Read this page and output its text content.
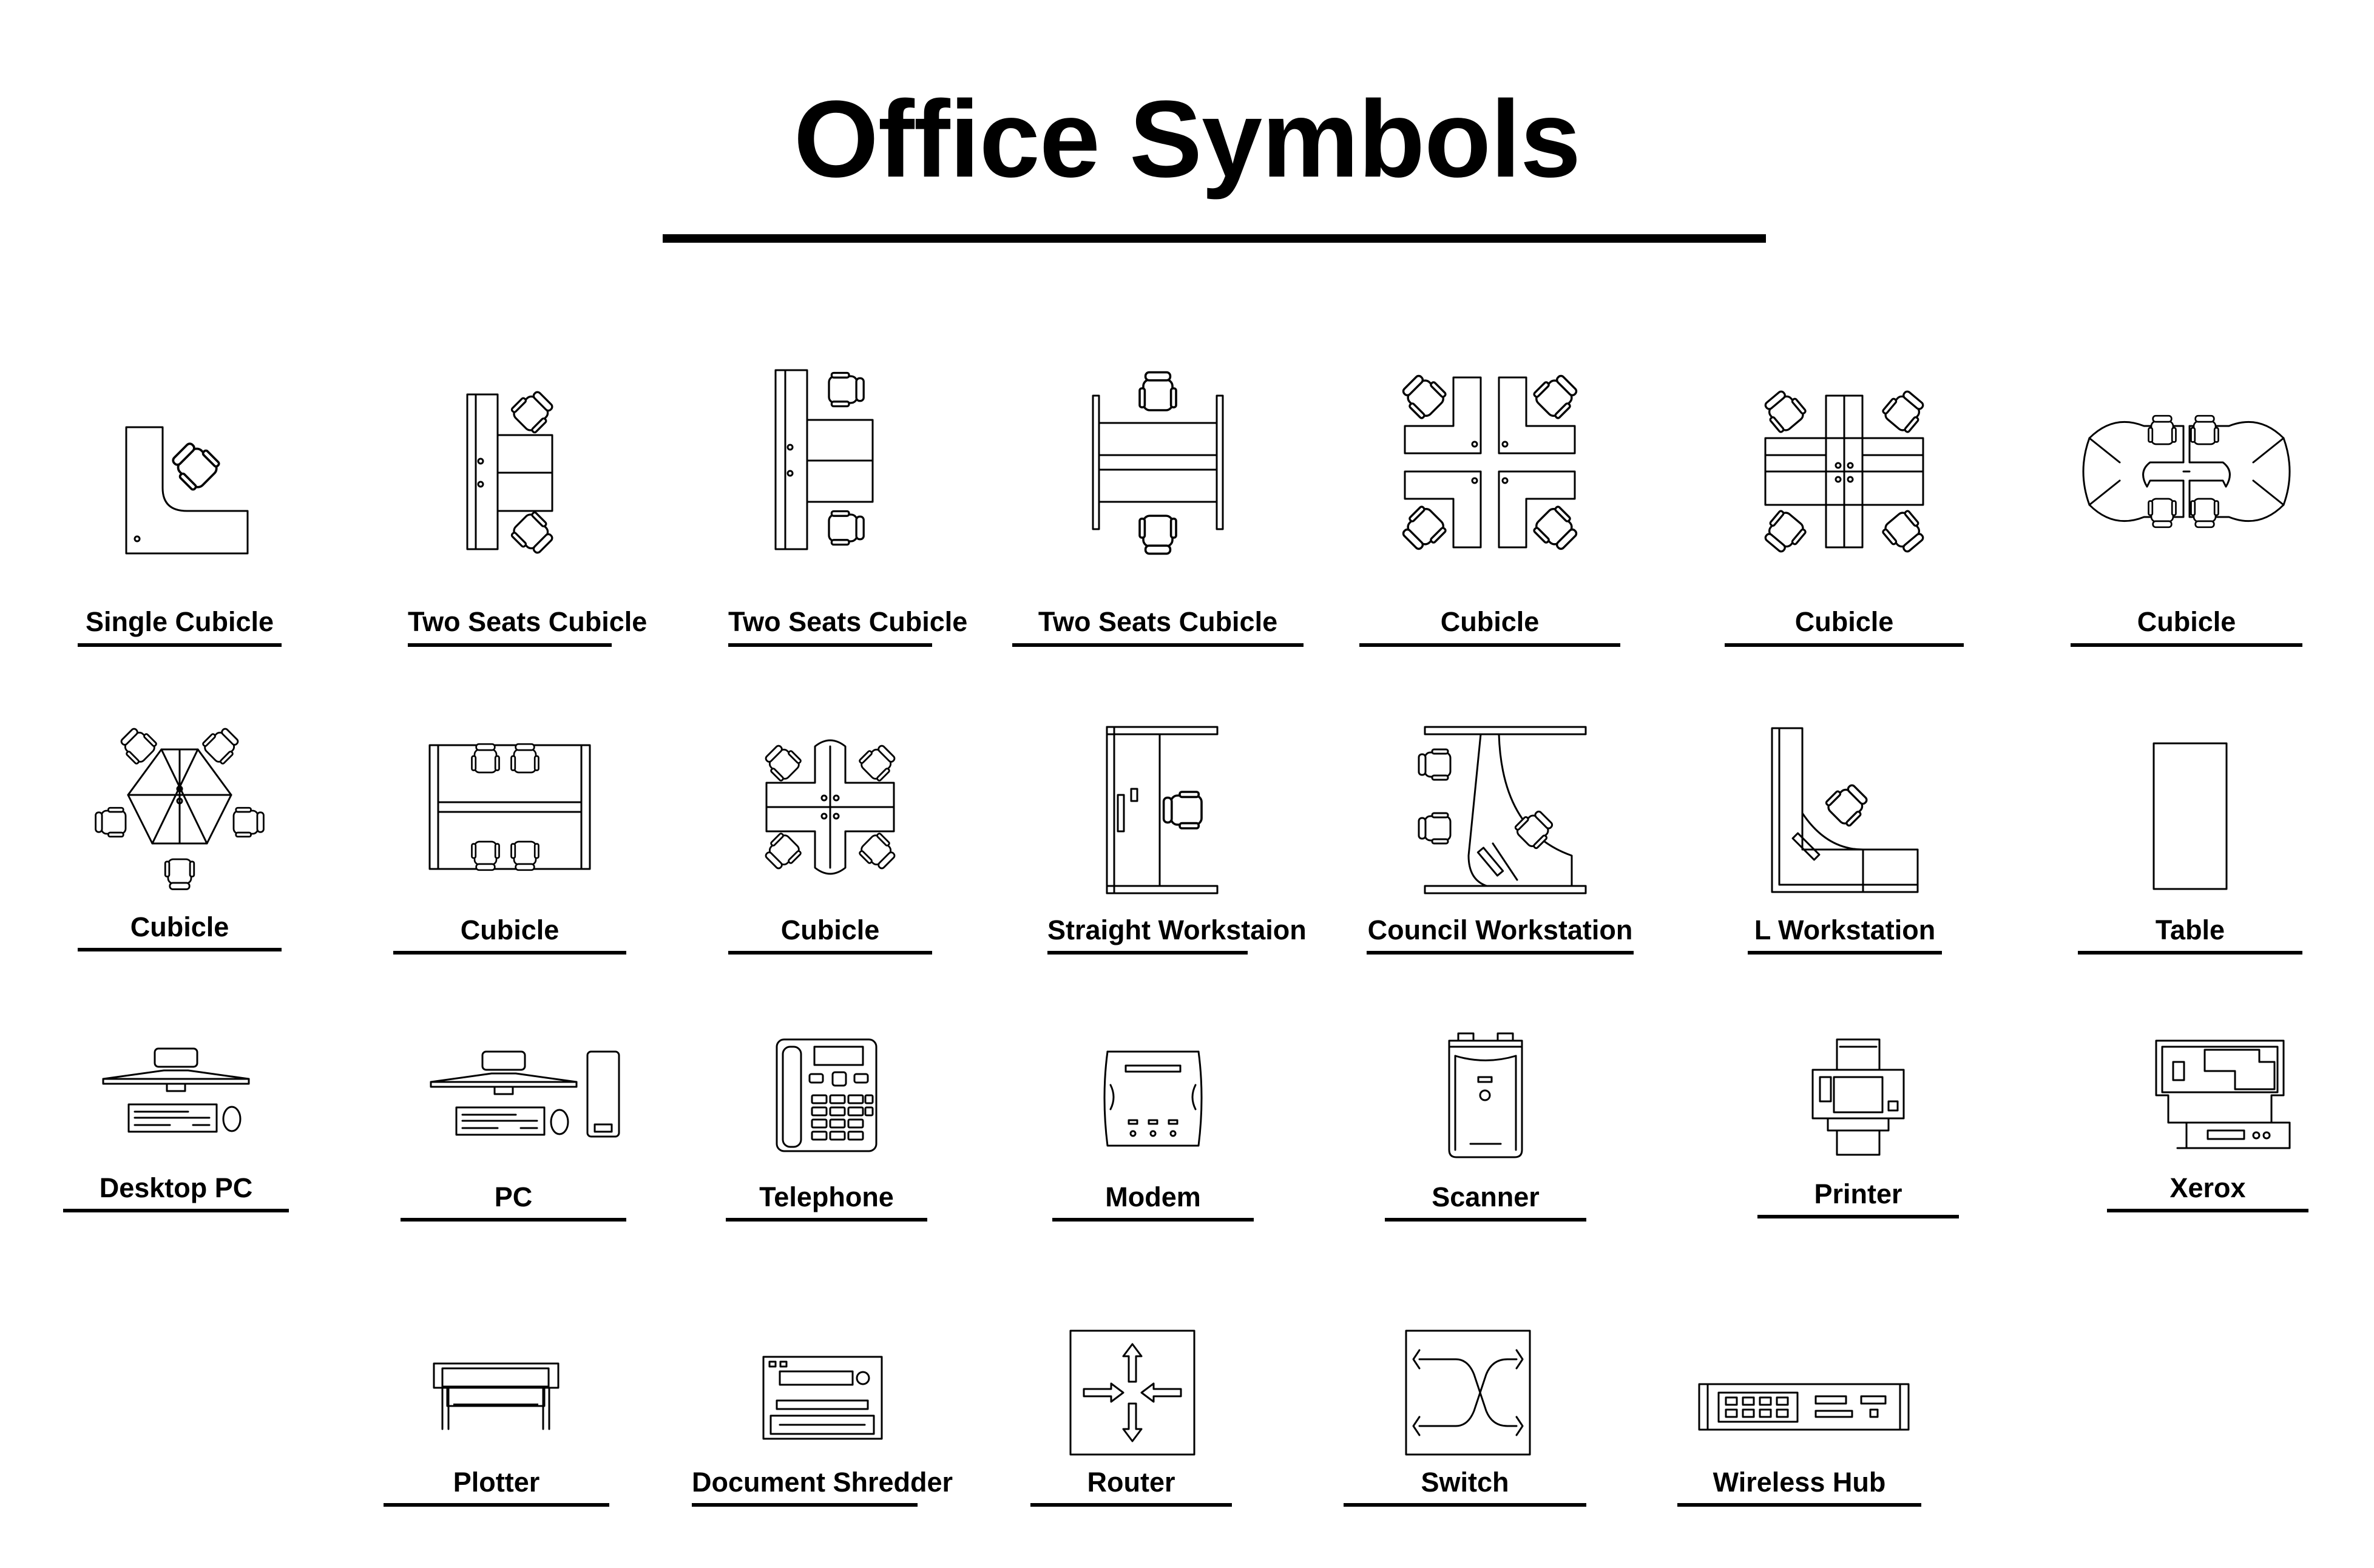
Office Symbols
Single Cubicle	Two Seats Cubicle	Two Seats Cubicle	Two Seats Cubicle	Cubicle	Cubicle	Cubicle
Cubicle	Cubicle	Cubicle	Straight Workstaion Council Workstation	L Workstation	Table
Desktop PC	PC	Telephone	Modem	Scanner	Printer	Xerox
Plotter	Document Shredder	Router	Switch	Wireless Hub
